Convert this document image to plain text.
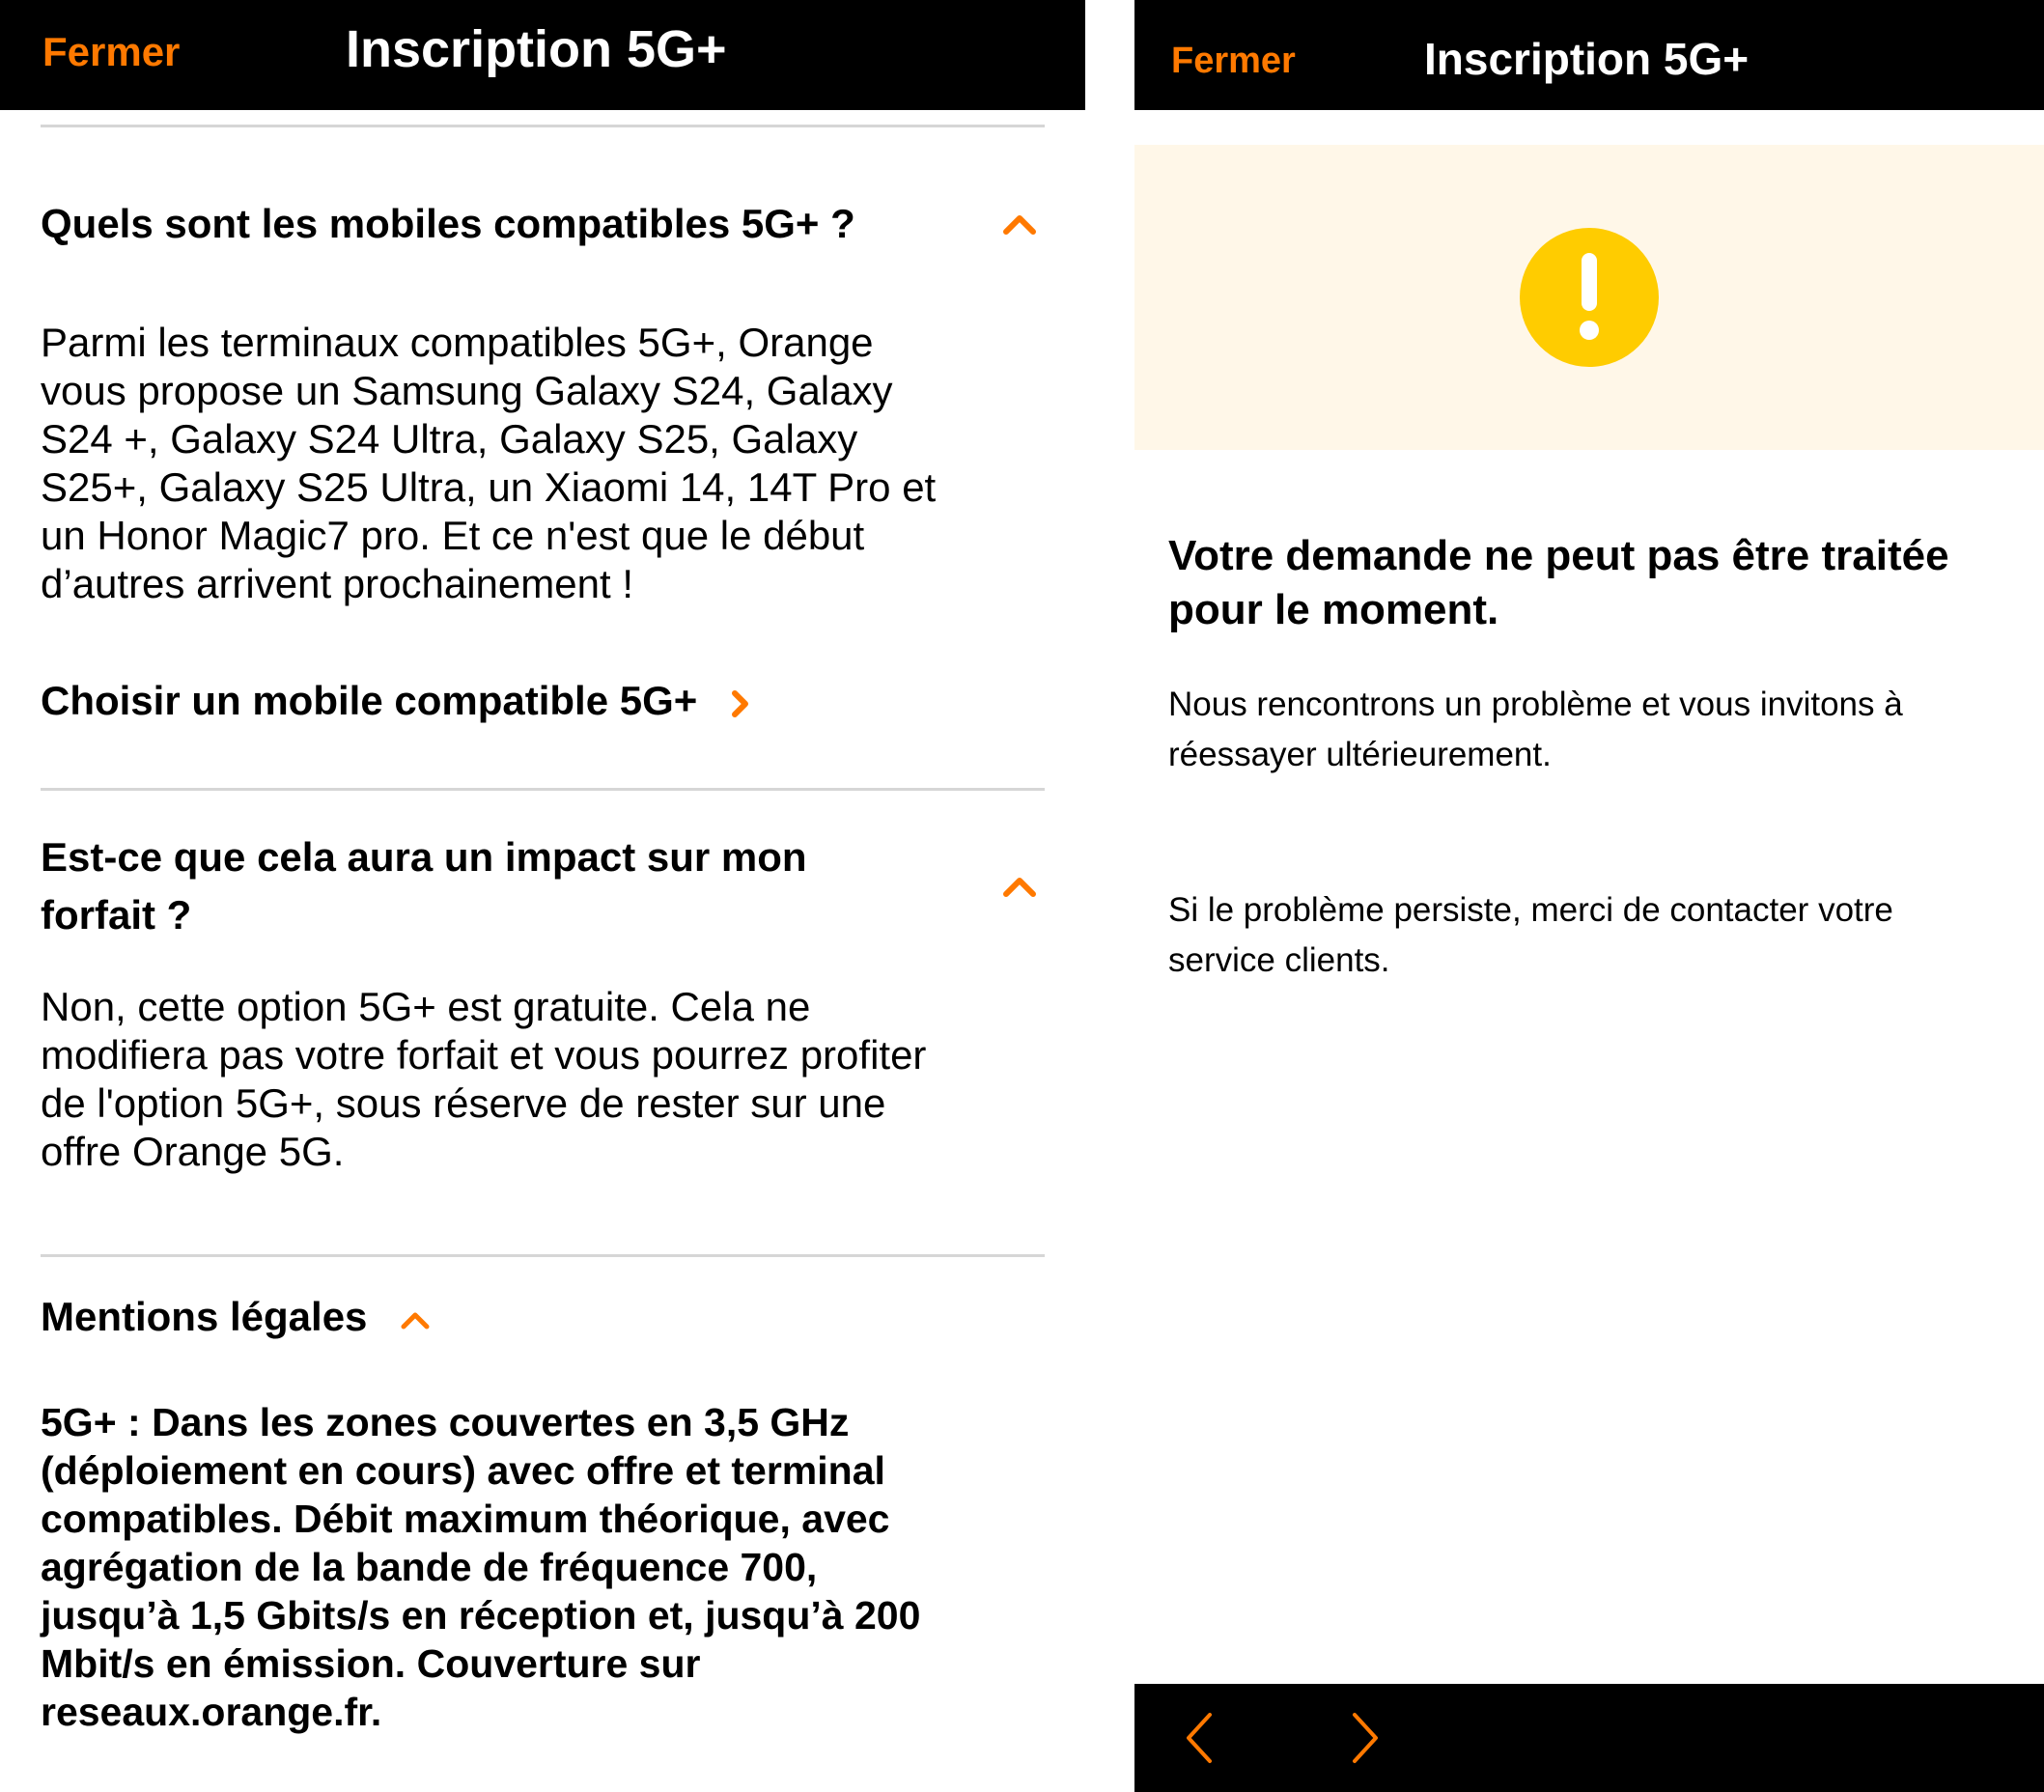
Fermer	Inscription 5G+
Quels sont les mobiles compatibles 5G+ ?
Parmi les terminaux compatibles 5G+, Orange
vous propose un Samsung Galaxy S24, Galaxy
S24 +, Galaxy S24 Ultra, Galaxy S25, Galaxy
S25+, Galaxy S25 Ultra, un Xiaomi 14, 14T Pro et
un Honor Magic7 pro. Et ce n'est que le début
d’autres arrivent prochainement !
Choisir un mobile compatible 5G+
Est-ce que cela aura un impact sur mon
forfait ?
Non, cette option 5G+ est gratuite. Cela ne
modifiera pas votre forfait et vous pourrez profiter
de l'option 5G+, sous réserve de rester sur une
offre Orange 5G.
Mentions légales
5G+ : Dans les zones couvertes en 3,5 GHz
(déploiement en cours) avec offre et terminal
compatibles. Débit maximum théorique, avec
agrégation de la bande de fréquence 700,
jusqu’à 1,5 Gbits/s en réception et, jusqu’à 200
Mbit/s en émission. Couverture sur
reseaux.orange.fr.
Fermer	Inscription 5G+
Votre demande ne peut pas être traitée
pour le moment.
Nous rencontrons un problème et vous invitons à
réessayer ultérieurement.
Si le problème persiste, merci de contacter votre
service clients.
